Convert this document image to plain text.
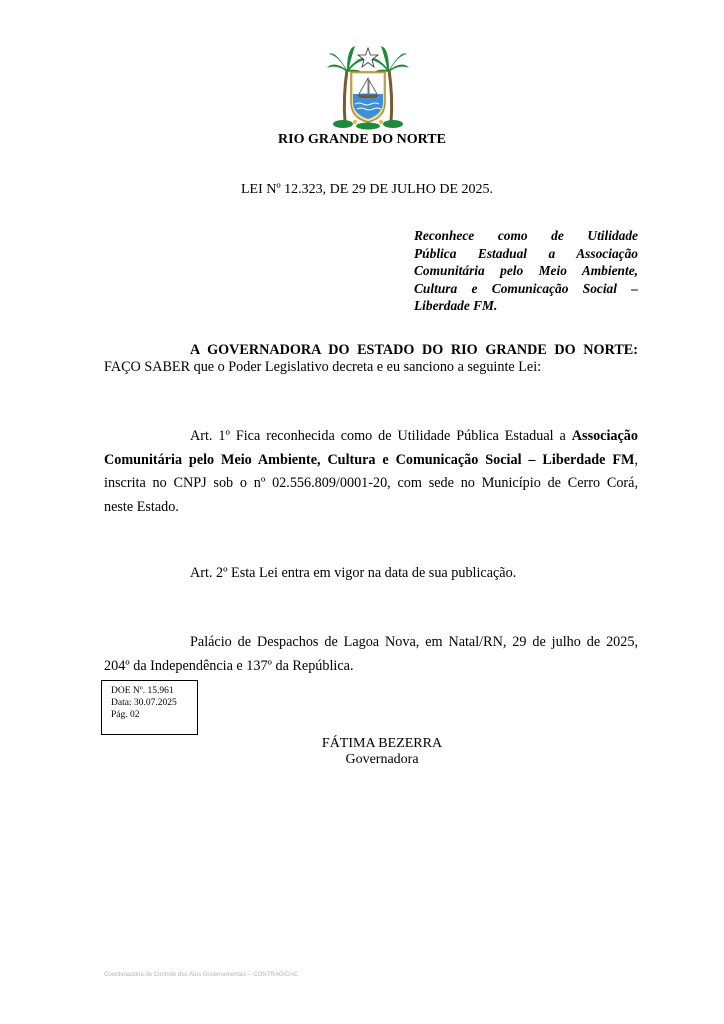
RIO GRANDE DO NORTE
LEI Nº 12.323, DE 29 DE JULHO DE 2025.
Reconhece como de Utilidade
Pública Estadual a Associação
Comunitária pelo Meio Ambiente,
Cultura e Comunicação Social –
Liberdade FM.
A GOVERNADORA DO ESTADO DO RIO GRANDE DO NORTE:
FAÇO SABER que o Poder Legislativo decreta e eu sanciono a seguinte Lei:
Art. 1º Fica reconhecida como de Utilidade Pública Estadual a Associação
Comunitária pelo Meio Ambiente, Cultura e Comunicação Social – Liberdade FM,
inscrita no CNPJ sob o nº 02.556.809/0001-20, com sede no Município de Cerro Corá,
neste Estado.
Art. 2º Esta Lei entra em vigor na data de sua publicação.
Palácio de Despachos de Lagoa Nova, em Natal/RN, 29 de julho de 2025,
204º da Independência e 137º da República.
DOE Nº. 15.961
Data: 30.07.2025
Pág. 02
FÁTIMA BEZERRA
Governadora
Coordenadoria de Controle dos Atos Governamentais – CONTRAG/GAC
